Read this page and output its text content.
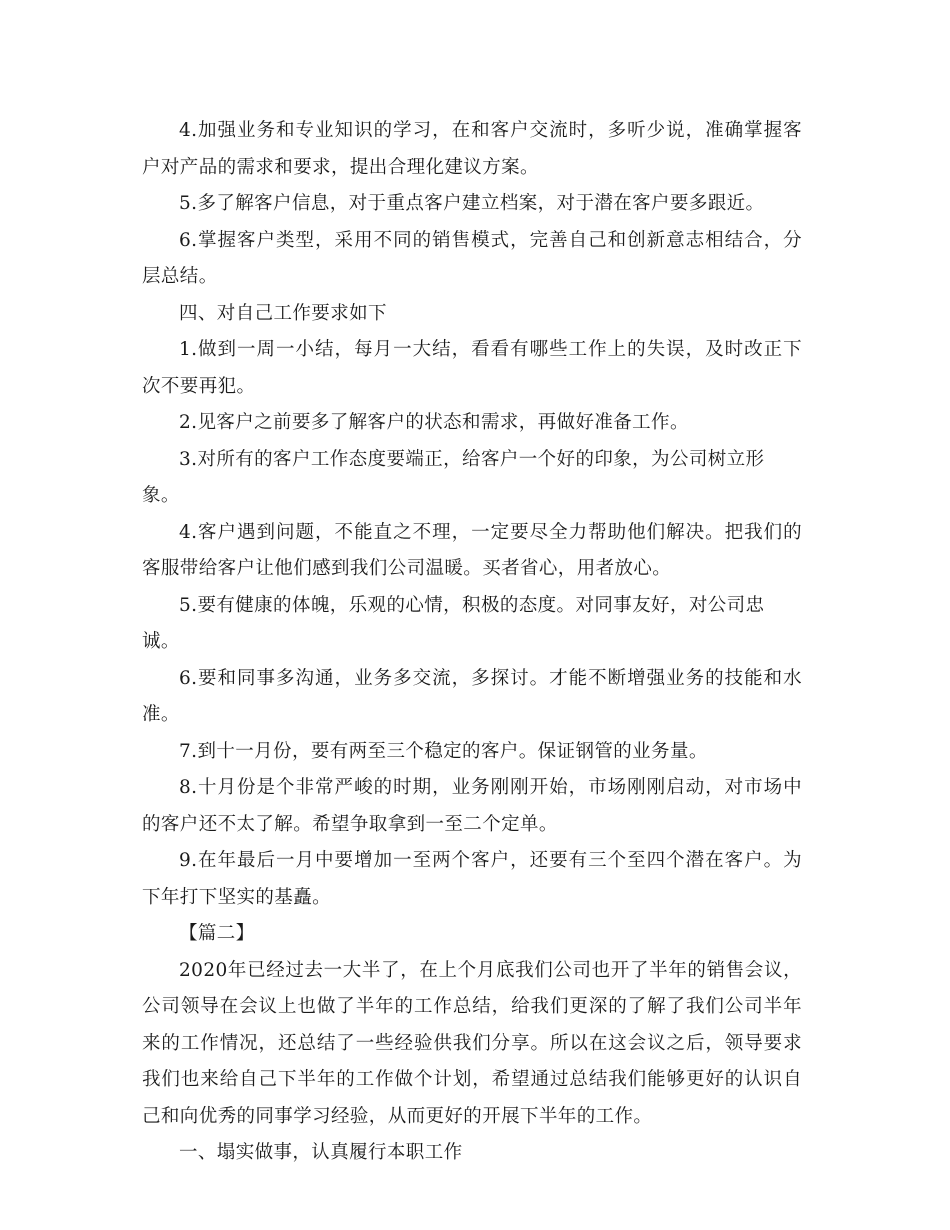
4.加强业务和专业知识的学习，在和客户交流时，多听少说，准确掌握客户对产品的需求和要求，提出合理化建议方案。

5.多了解客户信息，对于重点客户建立档案，对于潜在客户要多跟近。

6.掌握客户类型，采用不同的销售模式，完善自己和创新意志相结合，分层总结。

四、对自己工作要求如下

1.做到一周一小结，每月一大结，看看有哪些工作上的失误，及时改正下次不要再犯。

2.见客户之前要多了解客户的状态和需求，再做好准备工作。

3.对所有的客户工作态度要端正，给客户一个好的印象，为公司树立形象。

4.客户遇到问题，不能直之不理，一定要尽全力帮助他们解决。把我们的客服带给客户让他们感到我们公司温暖。买者省心，用者放心。

5.要有健康的体魄，乐观的心情，积极的态度。对同事友好，对公司忠诚。

6.要和同事多沟通，业务多交流，多探讨。才能不断增强业务的技能和水准。

7.到十一月份，要有两至三个稳定的客户。保证钢管的业务量。

8.十月份是个非常严峻的时期，业务刚刚开始，市场刚刚启动，对市场中的客户还不太了解。希望争取拿到一至二个定单。

9.在年最后一月中要增加一至两个客户，还要有三个至四个潜在客户。为下年打下坚实的基矗。

【篇二】

2020年已经过去一大半了，在上个月底我们公司也开了半年的销售会议，公司领导在会议上也做了半年的工作总结，给我们更深的了解了我们公司半年来的工作情况，还总结了一些经验供我们分享。所以在这会议之后，领导要求我们也来给自己下半年的工作做个计划，希望通过总结我们能够更好的认识自己和向优秀的同事学习经验，从而更好的开展下半年的工作。

一、塌实做事，认真履行本职工作
